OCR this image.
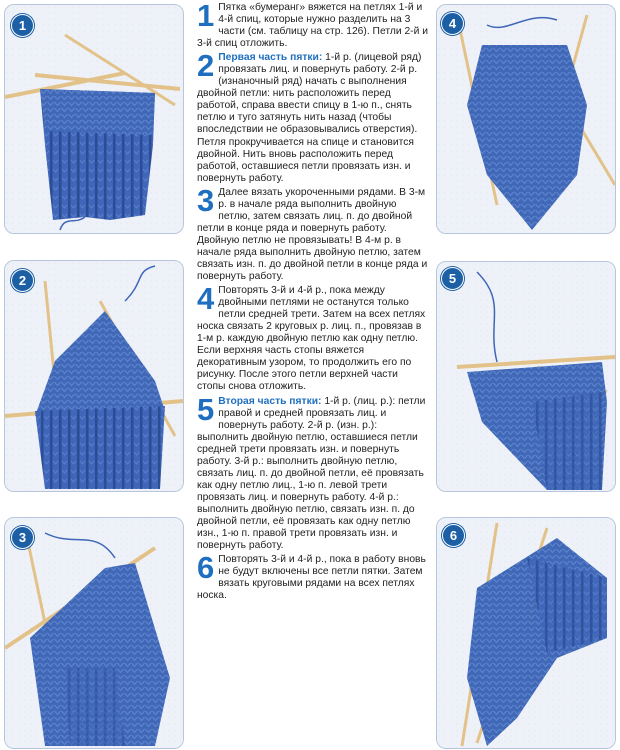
1
2
3
4
5
6
1 Пятка «бумеранг» вяжется на петлях 1-й и 4-й спиц, которые нужно разделить на 3 части (см. таблицу на стр. 126). Петли 2-й и 3-й спиц отложить.

2 Первая часть пятки: 1-й р. (лицевой ряд) провязать лиц. и повернуть работу. 2-й р. (изнаночный ряд) начать с выполнения двойной петли: нить расположить перед работой, справа ввести спицу в 1-ю п., снять петлю и туго затянуть нить назад (чтобы впоследствии не образовывались отверстия). Петля прокручивается на спице и становится двойной. Нить вновь расположить перед работой, оставшиеся петли провязать изн. и повернуть работу.

3 Далее вязать укороченными рядами. В 3-м р. в начале ряда выполнить двойную петлю, затем связать лиц. п. до двойной петли в конце ряда и повернуть работу. Двойную петлю не провязывать! В 4-м р. в начале ряда выполнить двойную петлю, затем связать изн. п. до двойной петли в конце ряда и повернуть работу.

4 Повторять 3-й и 4-й р., пока между двойными петлями не останутся только петли средней трети. Затем на всех петлях носка связать 2 круговых р. лиц. п., провязав в 1-м р. каждую двойную петлю как одну петлю. Если верхняя часть стопы вяжется декоративным узором, то продолжить его по рисунку. После этого петли верхней части стопы снова отложить.

5 Вторая часть пятки: 1-й р. (лиц. р.): петли правой и средней провязать лиц. и повернуть работу. 2-й р. (изн. р.): выполнить двойную петлю, оставшиеся петли средней трети провязать изн. и повернуть работу. 3-й р.: выполнить двойную петлю, связать лиц. п. до двойной петли, её провязать как одну петлю лиц., 1-ю п. левой трети провязать лиц. и повернуть работу. 4-й р.: выполнить двойную петлю, связать изн. п. до двойной петли, её провязать как одну петлю изн., 1-ю п. правой трети провязать изн. и повернуть работу.

6 Повторять 3-й и 4-й р., пока в работу вновь не будут включены все петли пятки. Затем вязать круговыми рядами на всех петлях носка.
